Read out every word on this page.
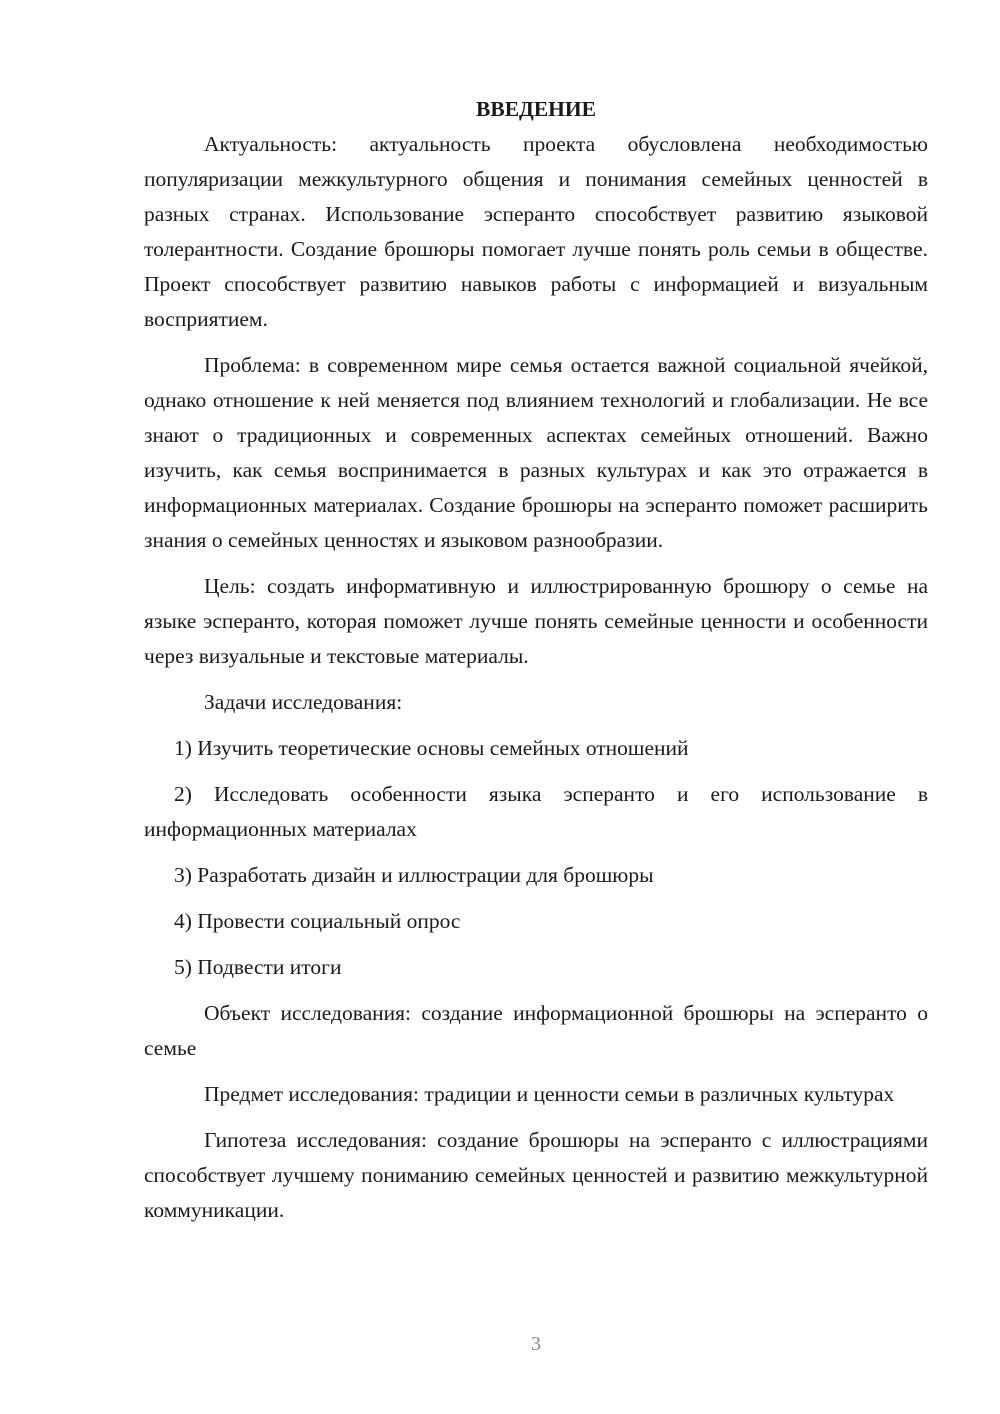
ВВЕДЕНИЕ

Актуальность: актуальность проекта обусловлена необходимостью популяризации межкультурного общения и понимания семейных ценностей в разных странах. Использование эсперанто способствует развитию языковой толерантности. Создание брошюры помогает лучше понять роль семьи в обществе. Проект способствует развитию навыков работы с информацией и визуальным восприятием.

Проблема: в современном мире семья остается важной социальной ячейкой, однако отношение к ней меняется под влиянием технологий и глобализации. Не все знают о традиционных и современных аспектах семейных отношений. Важно изучить, как семья воспринимается в разных культурах и как это отражается в информационных материалах. Создание брошюры на эсперанто поможет расширить знания о семейных ценностях и языковом разнообразии.

Цель: создать информативную и иллюстрированную брошюру о семье на языке эсперанто, которая поможет лучше понять семейные ценности и особенности через визуальные и текстовые материалы.

Задачи исследования:

1) Изучить теоретические основы семейных отношений

2) Исследовать особенности языка эсперанто и его использование в информационных материалах

3) Разработать дизайн и иллюстрации для брошюры

4) Провести социальный опрос

5) Подвести итоги

Объект исследования: создание информационной брошюры на эсперанто о семье

Предмет исследования: традиции и ценности семьи в различных культурах

Гипотеза исследования: создание брошюры на эсперанто с иллюстрациями способствует лучшему пониманию семейных ценностей и развитию межкультурной коммуникации.

3
